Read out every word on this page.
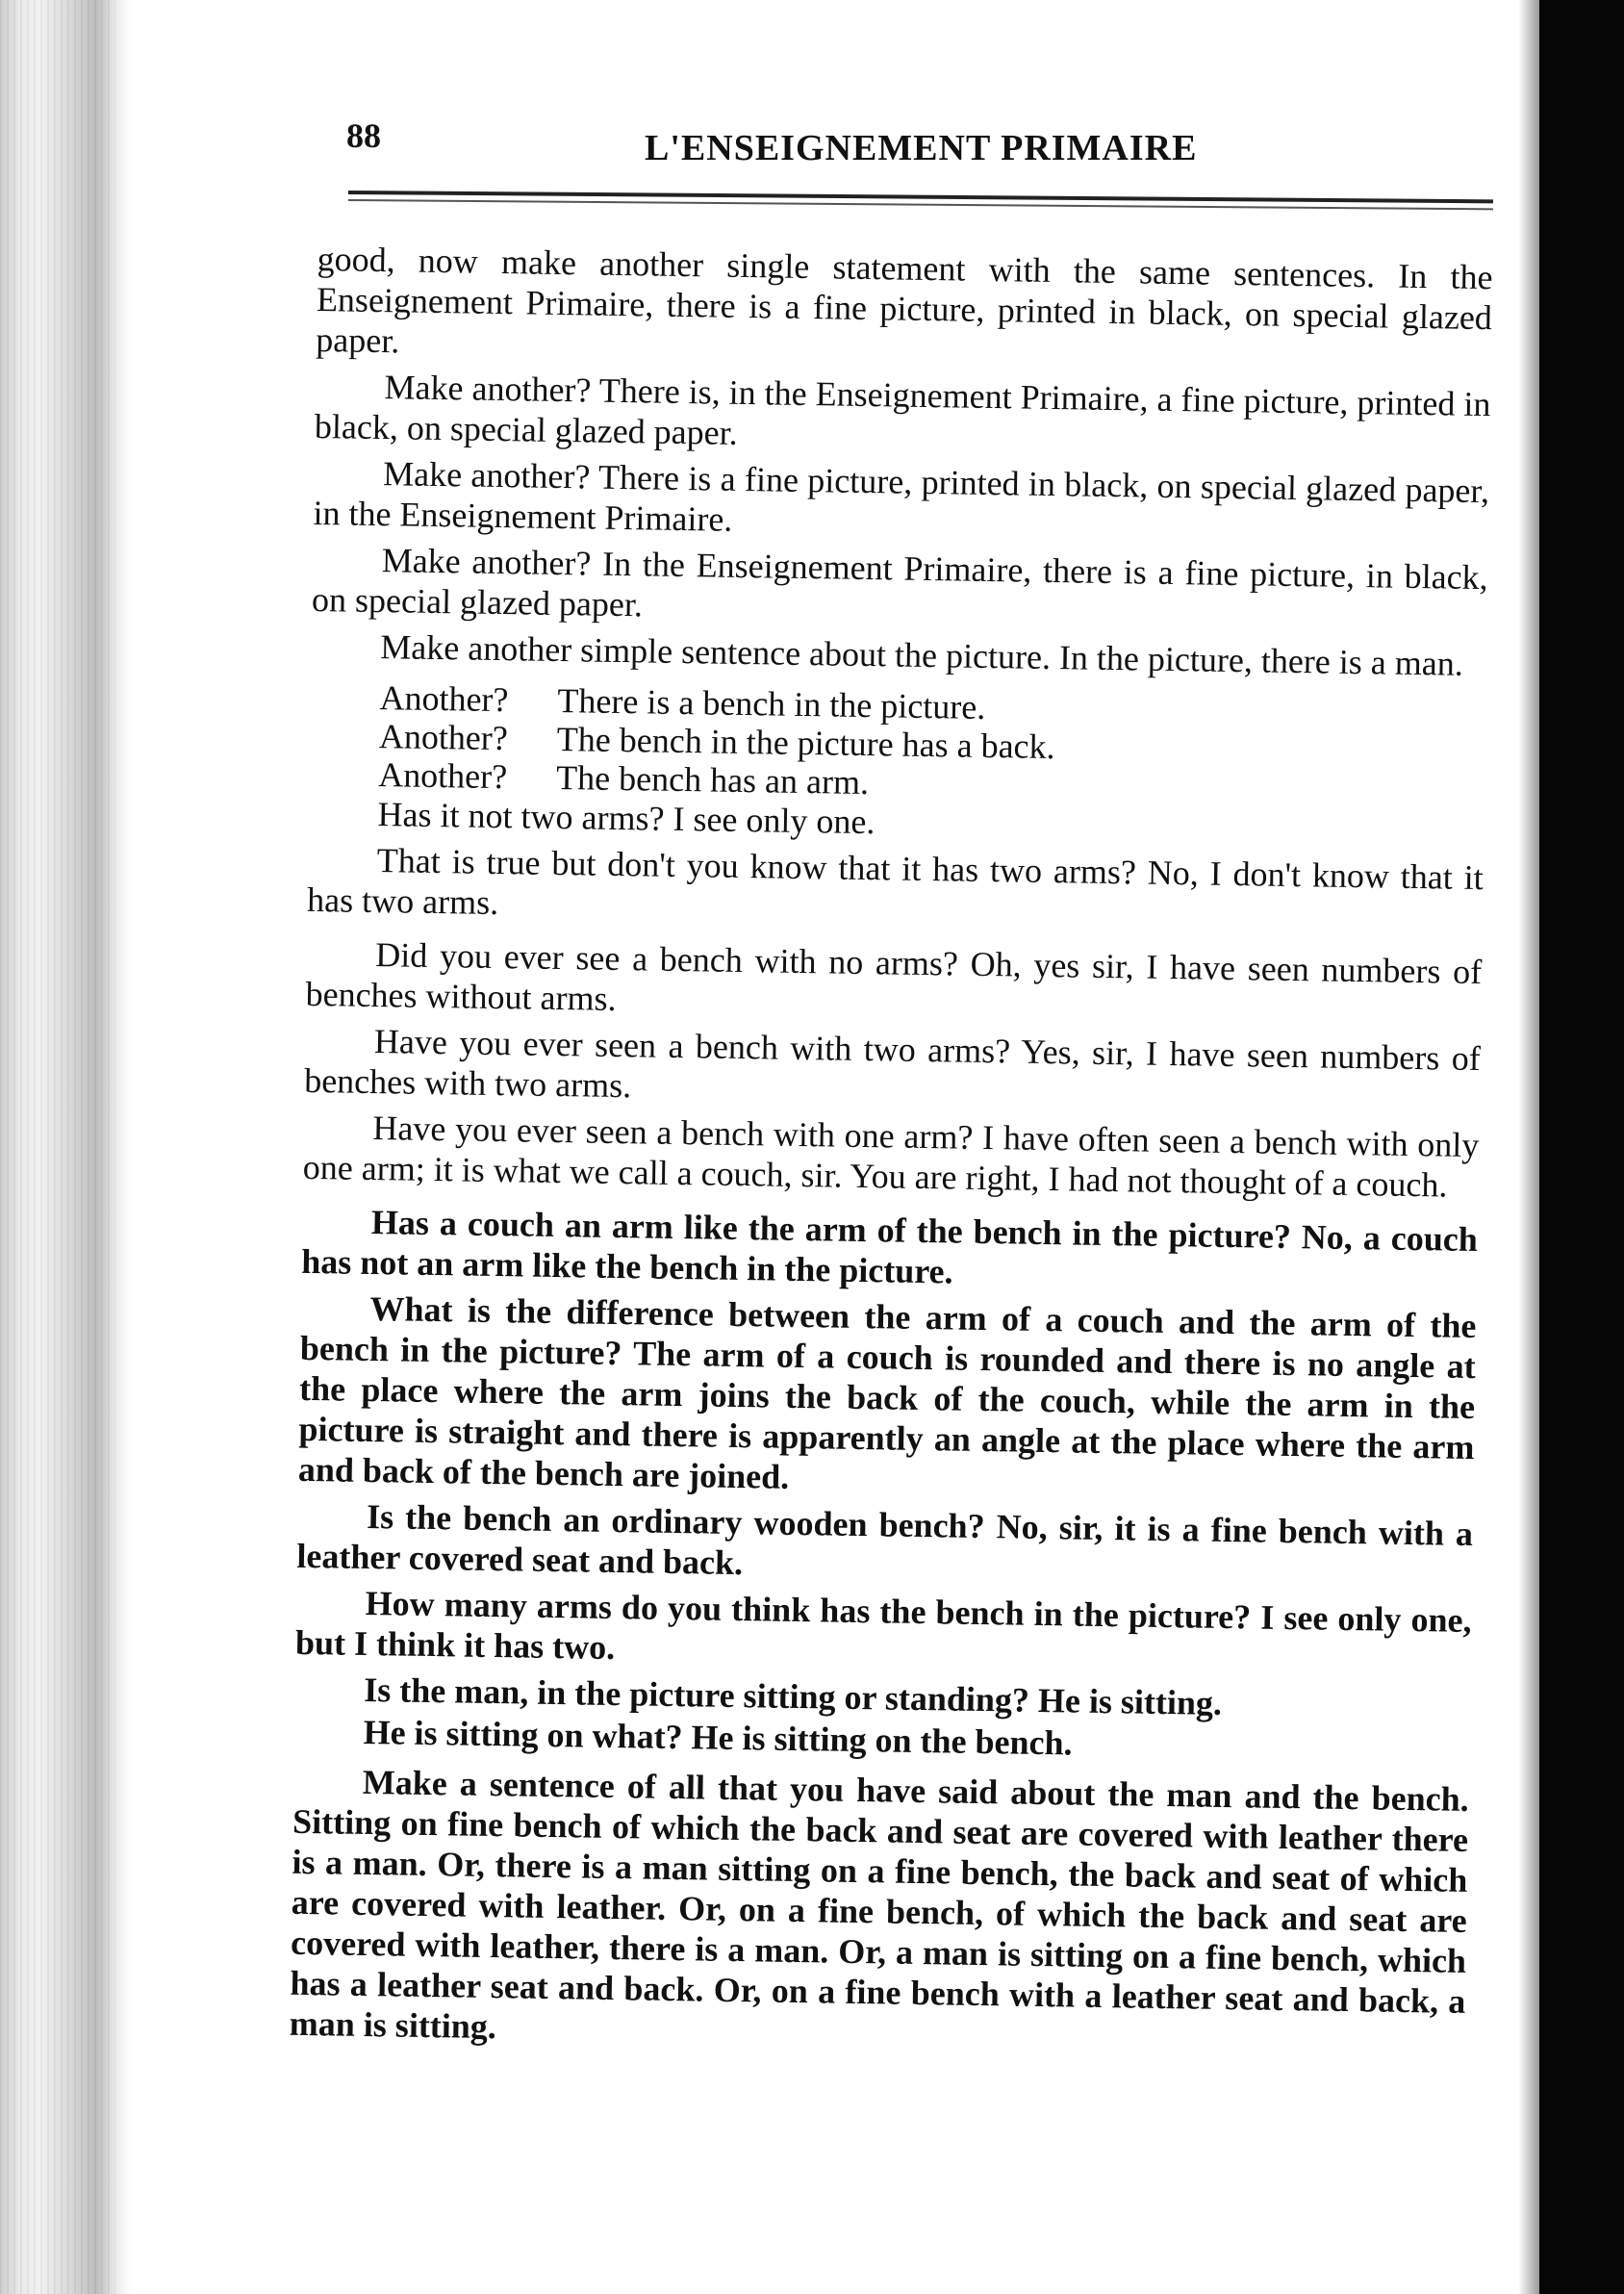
88	L'ENSEIGNEMENT PRIMAIRE

good, now make another single statement with the same sentences. In the Enseignement Primaire, there is a fine picture, printed in black, on special glazed paper.

Make another? There is, in the Enseignement Primaire, a fine picture, printed in black, on special glazed paper.

Make another? There is a fine picture, printed in black, on special glazed paper, in the Enseignement Primaire.

Make another? In the Enseignement Primaire, there is a fine picture, in black, on special glazed paper.

Make another simple sentence about the picture. In the picture, there is a man.

Another? There is a bench in the picture.

Another? The bench in the picture has a back.

Another? The bench has an arm.

Has it not two arms? I see only one.

That is true but don't you know that it has two arms? No, I don't know that it has two arms.

Did you ever see a bench with no arms? Oh, yes sir, I have seen numbers of benches without arms.

Have you ever seen a bench with two arms? Yes, sir, I have seen numbers of benches with two arms.

Have you ever seen a bench with one arm? I have often seen a bench with only one arm; it is what we call a couch, sir. You are right, I had not thought of a couch.

Has a couch an arm like the arm of the bench in the picture? No, a couch has not an arm like the bench in the picture.

What is the difference between the arm of a couch and the arm of the bench in the picture? The arm of a couch is rounded and there is no angle at the place where the arm joins the back of the couch, while the arm in the picture is straight and there is apparently an angle at the place where the arm and back of the bench are joined.

Is the bench an ordinary wooden bench? No, sir, it is a fine bench with a leather covered seat and back.

How many arms do you think has the bench in the picture? I see only one, but I think it has two.

Is the man, in the picture sitting or standing? He is sitting.

He is sitting on what? He is sitting on the bench.

Make a sentence of all that you have said about the man and the bench. Sitting on fine bench of which the back and seat are covered with leather there is a man. Or, there is a man sitting on a fine bench, the back and seat of which are covered with leather. Or, on a fine bench, of which the back and seat are covered with leather, there is a man. Or, a man is sitting on a fine bench, which has a leather seat and back. Or, on a fine bench with a leather seat and back, a man is sitting.
